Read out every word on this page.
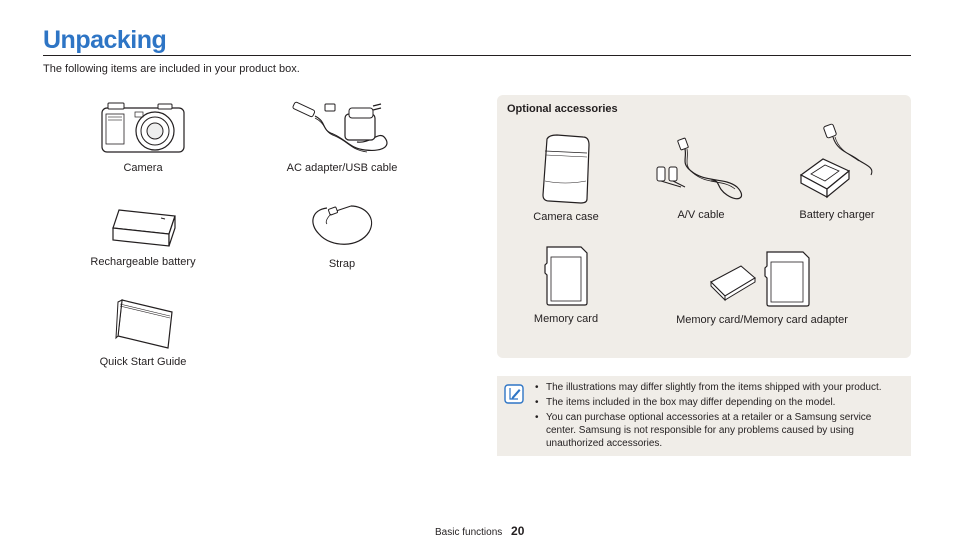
Unpacking

The following items are included in your product box.

Camera	AC adapter/USB cable
Rechargeable battery	Strap
Quick Start Guide
Optional accessories
Camera case	A/V cable	Battery charger
Memory card	Memory card/Memory card adapter
• The illustrations may differ slightly from the items shipped with your product.
• The items included in the box may differ depending on the model.
• You can purchase optional accessories at a retailer or a Samsung service center. Samsung is not responsible for any problems caused by using unauthorized accessories.
Basic functions 20
